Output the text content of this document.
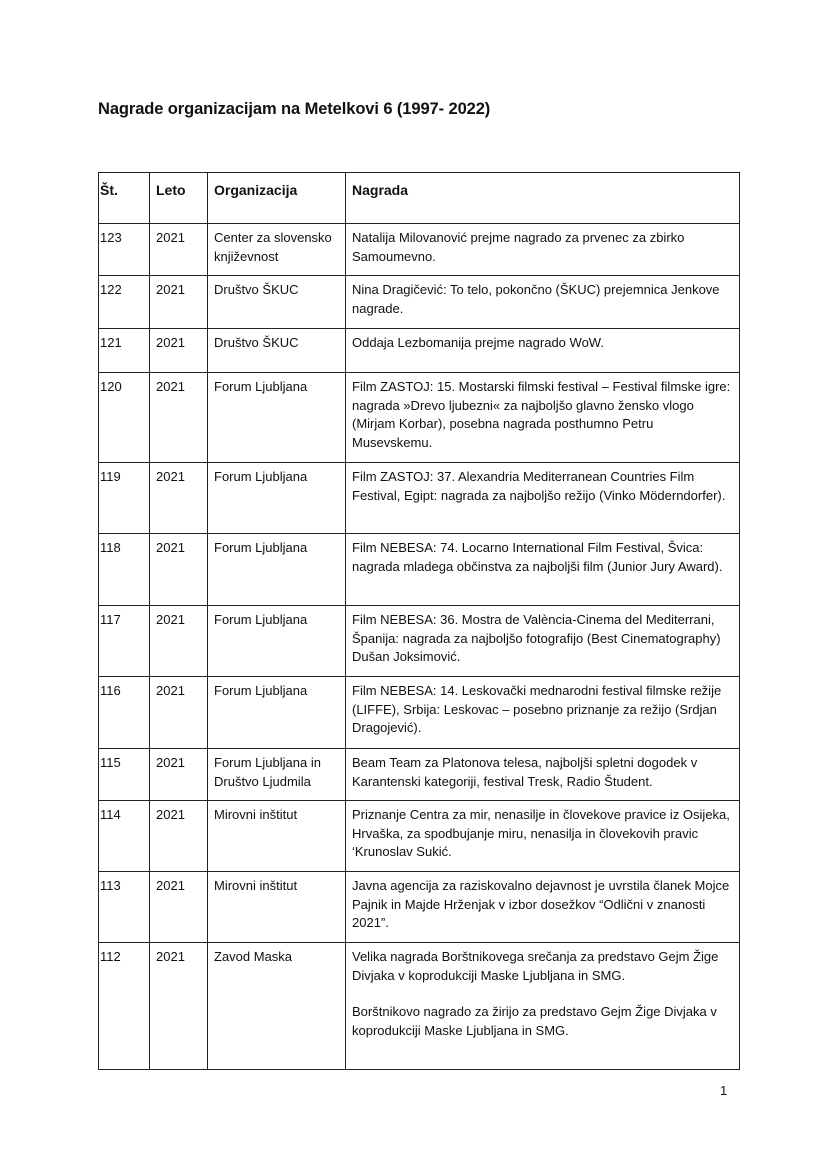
Nagrade organizacijam na Metelkovi 6 (1997- 2022)
Št.	Leto	Organizacija	Nagrada
123	2021	Center za slovensko književnost	Natalija Milovanović prejme nagrado za prvenec za zbirko Samoumevno.

122	2021	Društvo ŠKUC	Nina Dragičević: To telo, pokončno (ŠKUC) prejemnica Jenkove nagrade.

121	2021	Društvo ŠKUC	Oddaja Lezbomanija prejme nagrado WoW.

120	2021	Forum Ljubljana	Film ZASTOJ: 15. Mostarski filmski festival – Festival filmske igre: nagrada »Drevo ljubezni« za najboljšo glavno žensko vlogo (Mirjam Korbar), posebna nagrada posthumno Petru Musevskemu.

119	2021	Forum Ljubljana	Film ZASTOJ: 37. Alexandria Mediterranean Countries Film Festival, Egipt: nagrada za najboljšo režijo (Vinko Möderndorfer).

118	2021	Forum Ljubljana	Film NEBESA: 74. Locarno International Film Festival, Švica: nagrada mladega občinstva za najboljši film (Junior Jury Award).

117	2021	Forum Ljubljana	Film NEBESA: 36. Mostra de València-Cinema del Mediterrani, Španija: nagrada za najboljšo fotografijo (Best Cinematography) Dušan Joksimović.

116	2021	Forum Ljubljana	Film NEBESA: 14. Leskovački mednarodni festival filmske režije (LIFFE), Srbija: Leskovac – posebno priznanje za režijo (Srdjan Dragojević).

115	2021	Forum Ljubljana in Društvo Ljudmila	Beam Team za Platonova telesa, najboljši spletni dogodek v Karantenski kategoriji, festival Tresk, Radio Študent.

114	2021	Mirovni inštitut	Priznanje Centra za mir, nenasilje in človekove pravice iz Osijeka, Hrvaška, za spodbujanje miru, nenasilja in človekovih pravic ‘Krunoslav Sukić.

113	2021	Mirovni inštitut	Javna agencija za raziskovalno dejavnost je uvrstila članek Mojce Pajnik in Majde Hrženjak v izbor dosežkov “Odlični v znanosti 2021”.

112	2021	Zavod Maska	Velika nagrada Borštnikovega srečanja za predstavo Gejm Žige Divjaka v koprodukciji Maske Ljubljana in SMG.

Borštnikovo nagrado za žirijo za predstavo Gejm Žige Divjaka v koprodukciji Maske Ljubljana in SMG.

1
